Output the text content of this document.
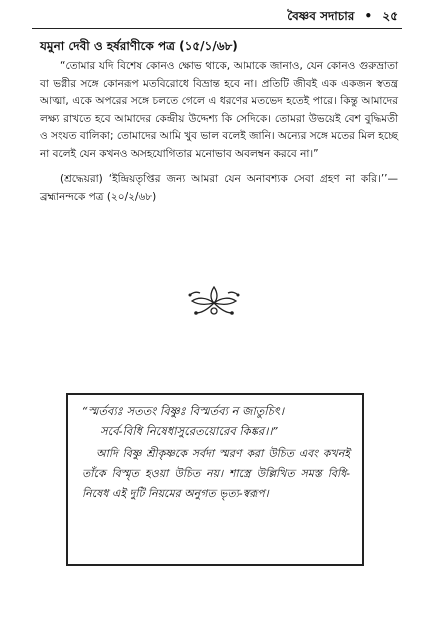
বৈষ্ণব সদাচার • ২৫
যমুনা দেবী ও হর্ষরাণীকে পত্র (১৫/১/৬৮)

“তোমার যদি বিশেষ কোনও ক্ষোভ থাকে, আমাকে জানাও, যেন কোনও গুরুভ্রাতা বা ভগ্নীর সঙ্গে কোনরূপ মতবিরোধে বিভ্রান্ত হবে না। প্রতিটি জীবই এক একজন স্বতন্ত্র আত্মা, একে অপরের সঙ্গে চলতে গেলে এ ধরণের মতভেদ হতেই পারে। কিন্তু আমাদের লক্ষ্য রাখতে হবে আমাদের কেন্দ্রীয় উদ্দেশ্য কি সেদিকে। তোমরা উভয়েই বেশ বুদ্ধিমতী ও সংযত বালিকা; তোমাদের আমি খুব ভাল বলেই জানি। অন্যের সঙ্গে মতের মিল হচ্ছে না বলেই যেন কখনও অসহযোগিতার মনোভাব অবলম্বন করবে না।”

(শ্রদ্ধেয়রা) ‘ইন্দ্রিয়তৃপ্তির জন্য আমরা যেন অনাবশ্যক সেবা গ্রহণ না করি।’’—ব্রহ্মানন্দকে পত্র (২০/২/৬৮)

“স্মর্তব্যঃ সততং বিষ্ণুঃ বিস্মর্তব্য ন জাতুচিৎ।

সর্বে-বিধি নিষেধাসুরেতয়োরেব কিঙ্কর।।”

আদি বিষ্ণু শ্রীকৃষ্ণকে সর্বদা স্মরণ করা উচিত এবং কখনই তাঁকে বিস্মৃত হওয়া উচিত নয়। শাস্ত্রে উল্লিখিত সমস্ত বিধি-নিষেধ এই দুটি নিয়মের অনুগত ভৃত্য-স্বরূপ।
